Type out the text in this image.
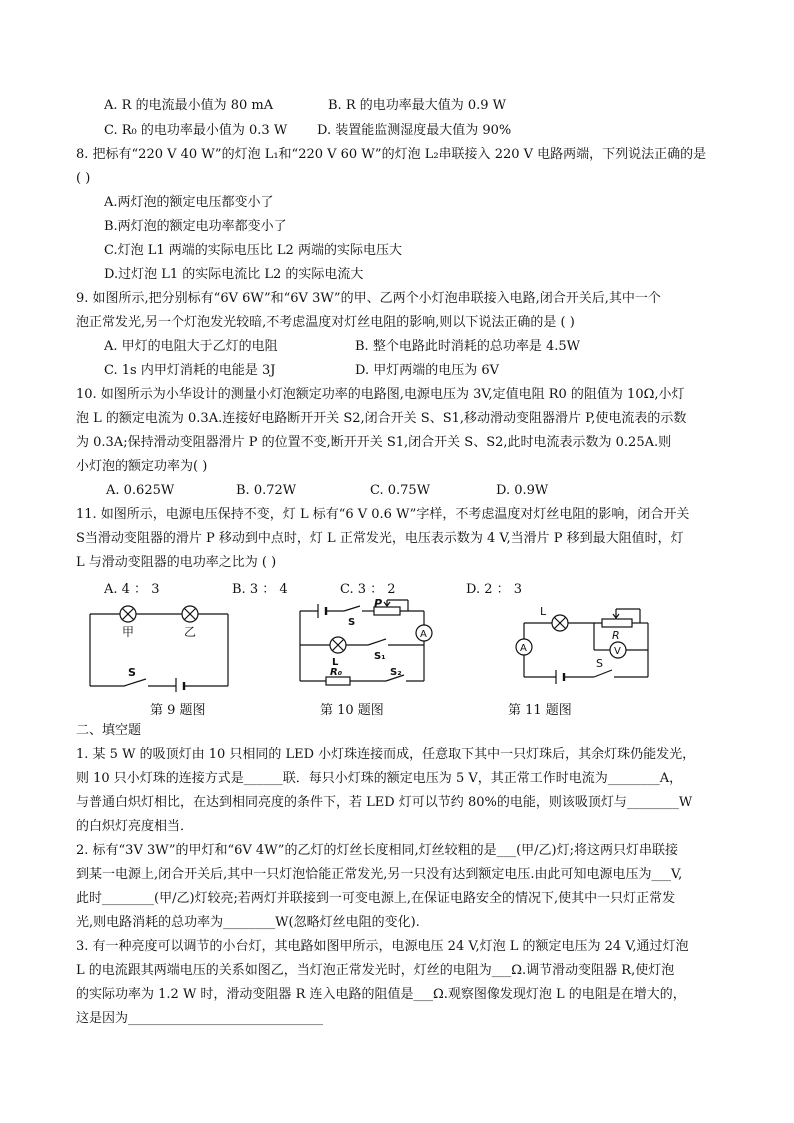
A. R 的电流最小值为 80 mA	B. R 的电功率最大值为 0.9 W
C. R₀ 的电功率最小值为 0.3 W D. 装置能监测湿度最大值为 90%
8. 把标有“220 V 40 W”的灯泡 L₁和“220 V 60 W”的灯泡 L₂串联接入 220 V 电路两端，下列说法正确的是
( )
A.两灯泡的额定电压都变小了
B.两灯泡的额定电功率都变小了
C.灯泡 L1 两端的实际电压比 L2 两端的实际电压大
D.过灯泡 L1 的实际电流比 L2 的实际电流大
9. 如图所示,把分别标有“6V 6W”和“6V 3W”的甲、乙两个小灯泡串联接入电路,闭合开关后,其中一个
泡正常发光,另一个灯泡发光较暗,不考虑温度对灯丝电阻的影响,则以下说法正确的是 ( )
A. 甲灯的电阻大于乙灯的电阻	B. 整个电路此时消耗的总功率是 4.5W
C. 1s 内甲灯消耗的电能是 3J	D. 甲灯两端的电压为 6V
10. 如图所示为小华设计的测量小灯泡额定功率的电路图,电源电压为 3V,定值电阻 R0 的阻值为 10Ω,小灯
泡 L 的额定电流为 0.3A.连接好电路断开开关 S2,闭合开关 S、S1,移动滑动变阻器滑片 P,使电流表的示数
为 0.3A;保持滑动变阻器滑片 P 的位置不变,断开开关 S1,闭合开关 S、S2,此时电流表示数为 0.25A.则
小灯泡的额定功率为( )
A. 0.625W	B. 0.72W	C. 0.75W	D. 0.9W
11. 如图所示，电源电压保持不变，灯 L 标有“6 V 0.6 W”字样，不考虑温度对灯丝电阻的影响，闭合开关
S当滑动变阻器的滑片 P 移动到中点时，灯 L 正常发光，电压表示数为 4 V,当滑片 P 移到最大阻值时，灯
L 与滑动变阻器的电功率之比为 ( )
A. 4 ： 3	B. 3 ： 4	C. 3 ： 2	D. 2 ： 3
甲	乙
S
A
P
S
L
S₁
R₀	S₂
A	V
L
R
S
第 9 题图	第 10 题图	第 11 题图
二、填空题
1. 某 5 W 的吸顶灯由 10 只相同的 LED 小灯珠连接而成，任意取下其中一只灯珠后，其余灯珠仍能发光，
则 10 只小灯珠的连接方式是______联．每只小灯珠的额定电压为 5 V，其正常工作时电流为________A，
与普通白炽灯相比，在达到相同亮度的条件下，若 LED 灯可以节约 80%的电能，则该吸顶灯与________W
的白炽灯亮度相当．
2. 标有“3V 3W”的甲灯和“6V 4W”的乙灯的灯丝长度相同,灯丝较粗的是___(甲/乙)灯;将这两只灯串联接
到某一电源上,闭合开关后,其中一只灯泡恰能正常发光,另一只没有达到额定电压.由此可知电源电压为___V,
此时________(甲/乙)灯较亮;若两灯并联接到一可变电源上,在保证电路安全的情况下,使其中一只灯正常发
光,则电路消耗的总功率为________W(忽略灯丝电阻的变化).
3. 有一种亮度可以调节的小台灯，其电路如图甲所示，电源电压 24 V,灯泡 L 的额定电压为 24 V,通过灯泡
L 的电流跟其两端电压的关系如图乙，当灯泡正常发光时，灯丝的电阻为___Ω.调节滑动变阻器 R,使灯泡
的实际功率为 1.2 W 时，滑动变阻器 R 连入电路的阻值是___Ω.观察图像发现灯泡 L 的电阻是在增大的，
这是因为______________________________
